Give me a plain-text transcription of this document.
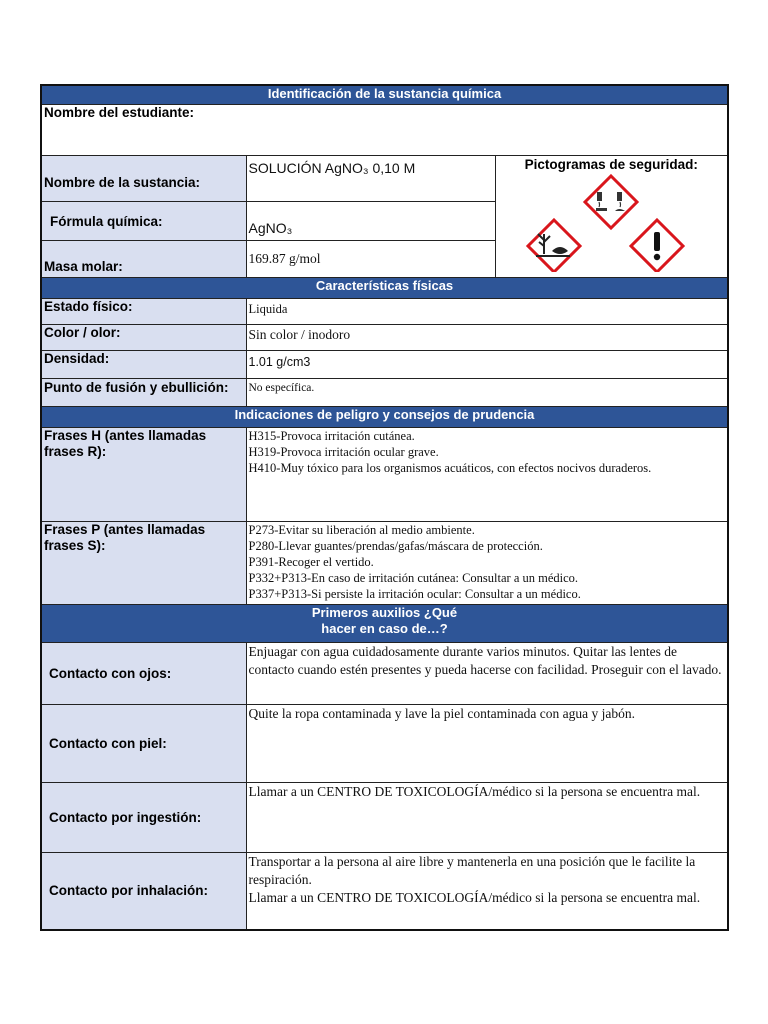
Identificación de la sustancia química		
Nombre del estudiante:		
Nombre de la sustancia:	SOLUCIÓN AgNO₃ 0,10 M	Pictogramas de seguridad:

Fórmula química:	AgNO₃	
Masa molar:	169.87 g/mol	
Características físicas		
Estado físico:	Liquida	
Color / olor:	Sin color / inodoro	
Densidad:	1.01 g/cm3	
Punto de fusión y ebullición:	No específica.	
Indicaciones de peligro y consejos de prudencia		
Frases H (antes llamadas frases R):	H315-Provoca irritación cutánea.
H319-Provoca irritación ocular grave.
H410-Muy tóxico para los organismos acuáticos, con efectos nocivos duraderos.	

Frases P (antes llamadas frases S):	P273-Evitar su liberación al medio ambiente.
P280-Llevar guantes/prendas/gafas/máscara de protección.
P391-Recoger el vertido.
P332+P313-En caso de irritación cutánea: Consultar a un médico.
P337+P313-Si persiste la irritación ocular: Consultar a un médico.	

Primeros auxilios ¿Qué
hacer en caso de…?		

Contacto con ojos:	Enjuagar con agua cuidadosamente durante varios minutos. Quitar las lentes de contacto cuando estén presentes y pueda hacerse con facilidad. Proseguir con el lavado.	
Contacto con piel:	Quite la ropa contaminada y lave la piel contaminada con agua y jabón.	
Contacto por ingestión:	Llamar a un CENTRO DE TOXICOLOGÍA/médico si la persona se encuentra mal.	
Contacto por inhalación:	Transportar a la persona al aire libre y mantenerla en una posición que le facilite la respiración.
Llamar a un CENTRO DE TOXICOLOGÍA/médico si la persona se encuentra mal.	
